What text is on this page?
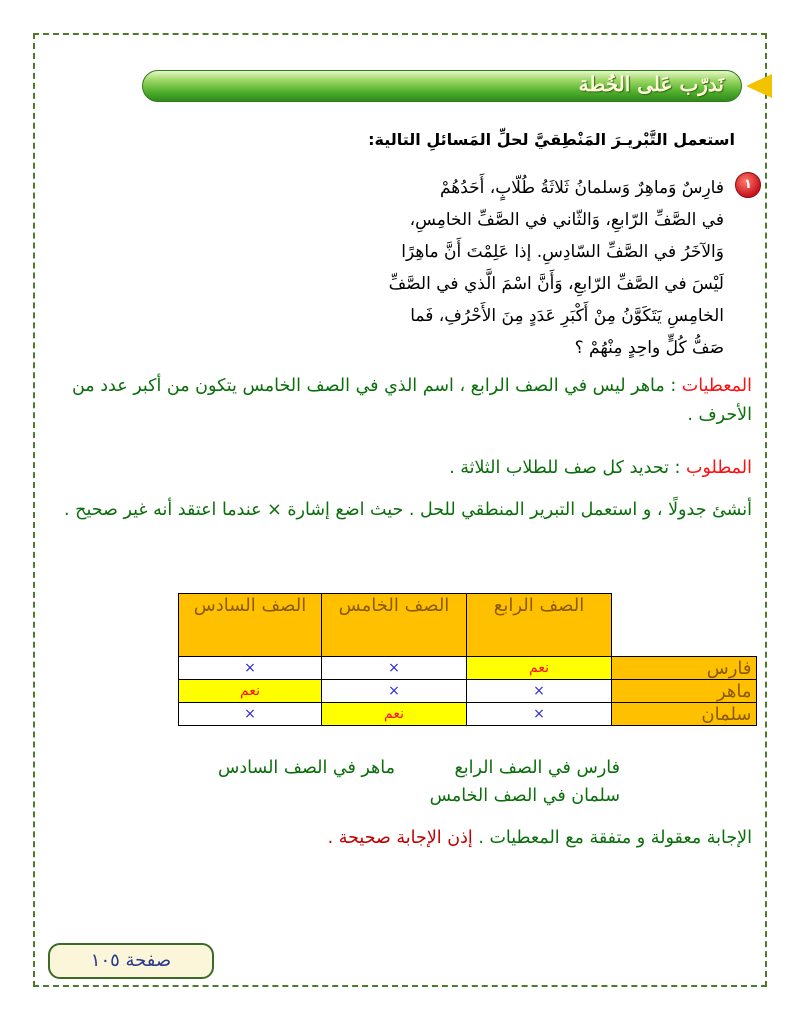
نَدرّب عَلى الخُطة
استعمل التَّبْريـرَ المَنْطِقيَّ لحلِّ المَسائلِ التالية:
١
فارِسٌ وَماهِرٌ وَسلمانُ ثَلاثَةُ طُلّابٍ، أَحَدُهُمْ
في الصَّفِّ الرّابعِ، وَالثّاني في الصَّفِّ الخامِسِ،
وَالآخَرُ في الصَّفِّ السّادِسِ. إذا عَلِمْتَ أَنَّ ماهِرًا
لَيْسَ في الصَّفِّ الرّابعِ، وَأَنَّ اسْمَ الَّذي في الصَّفِّ
الخامِسِ يَتَكَوَّنُ مِنْ أَكْبَرِ عَدَدٍ مِنَ الأَحْرُفِ، فَما
صَفُّ كُلٍّ واحِدٍ مِنْهُمْ ؟
المعطيات : ماهر ليس في الصف الرابع ، اسم الذي في الصف الخامس يتكون من أكبر عدد من الأحرف .
المطلوب : تحديد كل صف للطلاب الثلاثة .
أنشئ جدولًا ، و استعمل التبرير المنطقي للحل . حيث اضع إشارة × عندما اعتقد أنه غير صحيح .
	الصف الرابع	الصف الخامس	الصف السادس
فارس	نعم	×	×
ماهر	×	×	نعم
سلمان	×	نعم	×
فارس في الصف الرابع
ماهر في الصف السادس
سلمان في الصف الخامس
الإجابة معقولة و متفقة مع المعطيات . إذن الإجابة صحيحة .
صفحة ١٠٥
